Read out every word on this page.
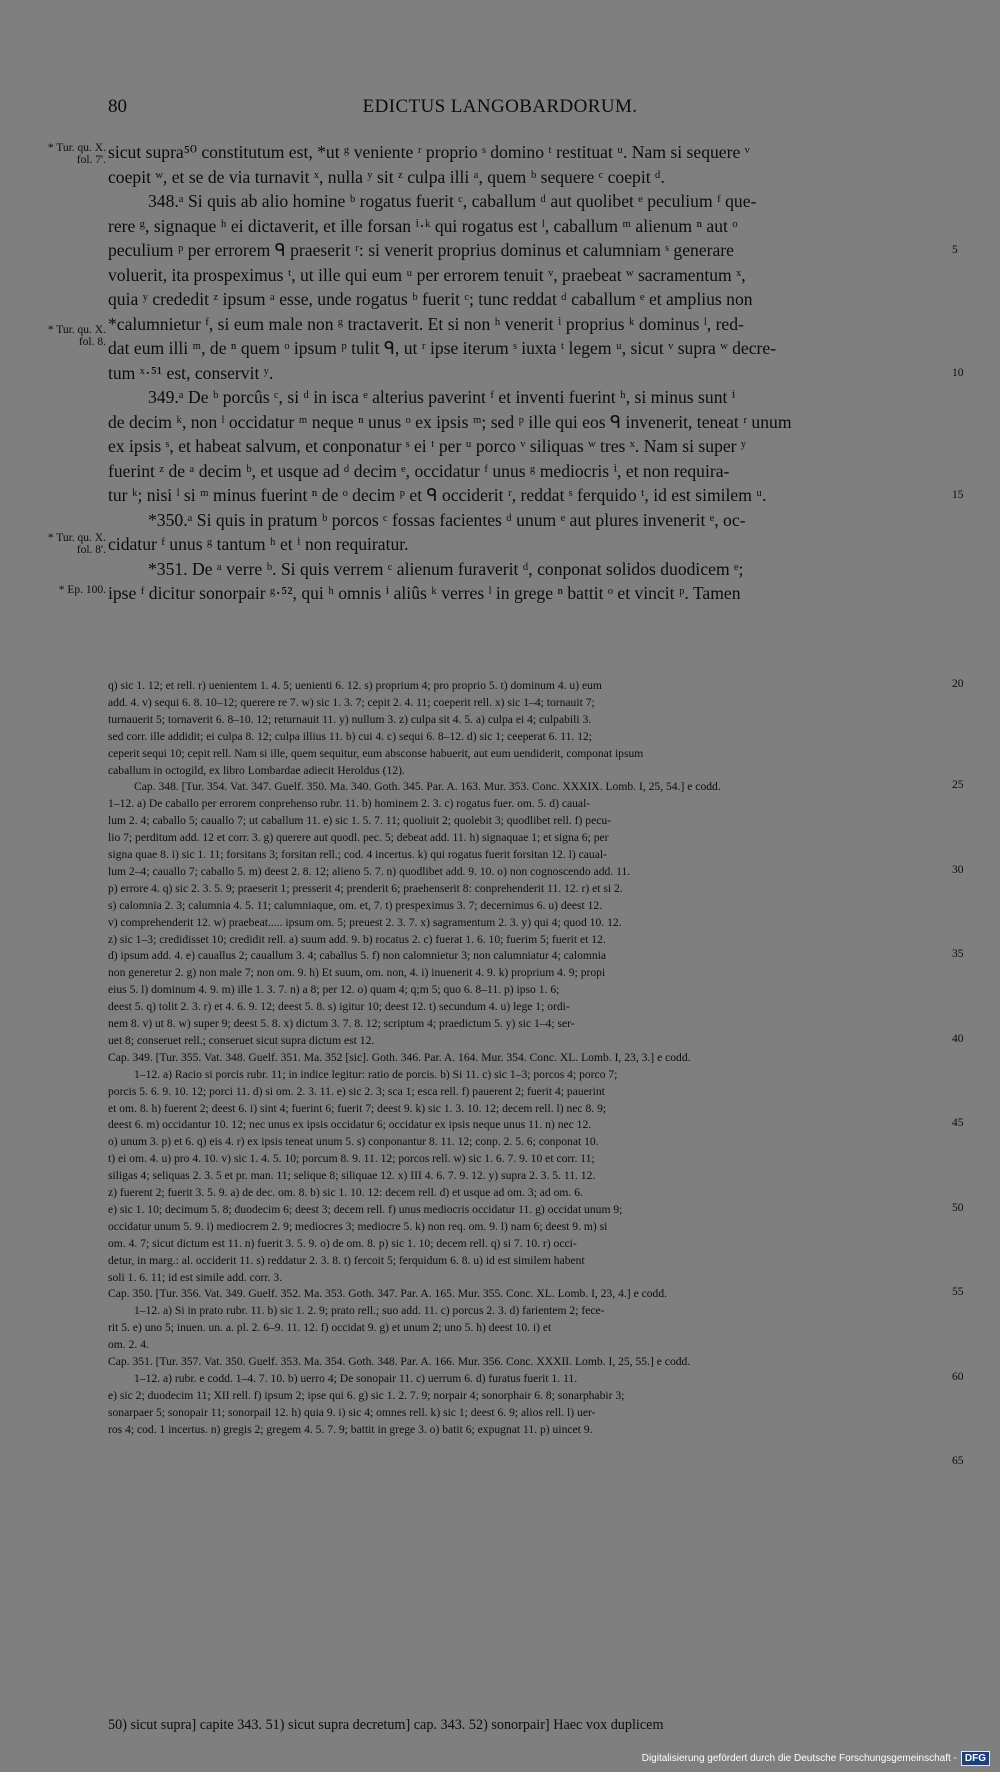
80	EDICTUS LANGOBARDORUM.
* Tur. qu. X. fol. 7'.
* Tur. qu. X. fol. 8.
* Tur. qu. X. fol. 8'.
* Ep. 100.
sicut supra⁵⁰ constitutum est, *ut ᵍ veniente ʳ proprio ˢ domino ᵗ restituat ᵘ. Nam si sequere ᵛ
coepit ʷ, et se de via turnavit ˣ, nulla ʸ sit ᶻ culpa illi ᵃ, quem ᵇ sequere ᶜ coepit ᵈ.
348.ᵃ Si quis ab alio homine ᵇ rogatus fuerit ᶜ, caballum ᵈ aut quolibet ᵉ peculium ᶠ que-
rere ᵍ, signaque ʰ ei dictaverit, et ille forsan ⁱ·ᵏ qui rogatus est ˡ, caballum ᵐ alienum ⁿ aut ᵒ
peculium ᵖ per errorem ᑫ praeserit ʳ: si venerit proprius dominus et calumniam ˢ generare
voluerit, ita prospeximus ᵗ, ut ille qui eum ᵘ per errorem tenuit ᵛ, praebeat ʷ sacramentum ˣ,
quia ʸ crededit ᶻ ipsum ᵃ esse, unde rogatus ᵇ fuerit ᶜ; tunc reddat ᵈ caballum ᵉ et amplius non
*calumnietur ᶠ, si eum male non ᵍ tractaverit. Et si non ʰ venerit ⁱ proprius ᵏ dominus ˡ, red-
dat eum illi ᵐ, de ⁿ quem ᵒ ipsum ᵖ tulit ᑫ, ut ʳ ipse iterum ˢ iuxta ᵗ legem ᵘ, sicut ᵛ supra ʷ decre-
tum ˣ·⁵¹ est, conservit ʸ.
349.ᵃ De ᵇ porcûs ᶜ, si ᵈ in isca ᵉ alterius paverint ᶠ et inventi fuerint ʰ, si minus sunt ⁱ
de decim ᵏ, non ˡ occidatur ᵐ neque ⁿ unus ᵒ ex ipsis ᵐ; sed ᵖ ille qui eos ᑫ invenerit, teneat ʳ unum
ex ipsis ˢ, et habeat salvum, et conponatur ˢ ei ᵗ per ᵘ porco ᵛ siliquas ʷ tres ˣ. Nam si super ʸ
fuerint ᶻ de ᵃ decim ᵇ, et usque ad ᵈ decim ᵉ, occidatur ᶠ unus ᵍ mediocris ⁱ, et non requira-
tur ᵏ; nisi ˡ si ᵐ minus fuerint ⁿ de ᵒ decim ᵖ et ᑫ occiderit ʳ, reddat ˢ ferquido ᵗ, id est similem ᵘ.
*350.ᵃ Si quis in pratum ᵇ porcos ᶜ fossas facientes ᵈ unum ᵉ aut plures invenerit ᵉ, oc-
cidatur ᶠ unus ᵍ tantum ʰ et ⁱ non requiratur.
*351. De ᵃ verre ᵇ. Si quis verrem ᶜ alienum furaverit ᵈ, conponat solidos duodicem ᵉ;
ipse ᶠ dicitur sonorpair ᵍ·⁵², qui ʰ omnis ⁱ aliûs ᵏ verres ˡ in grege ⁿ battit ᵒ et vincit ᵖ. Tamen
5
10
15
q) sic 1. 12; et rell. r) uenientem 1. 4. 5; uenienti 6. 12. s) proprium 4; pro proprio 5. t) dominum 4. u) eum
add. 4. v) sequi 6. 8. 10–12; querere re 7. w) sic 1. 3. 7; cepit 2. 4. 11; coeperit rell. x) sic 1–4; tornauit 7;
turnauerit 5; tornaverit 6. 8–10. 12; returnauit 11. y) nullum 3. z) culpa sit 4. 5. a) culpa ei 4; culpabili 3.
sed corr. ille addidit; ei culpa 8. 12; culpa illius 11. b) cui 4. c) sequi 6. 8–12. d) sic 1; ceeperat 6. 11. 12;
ceperit sequi 10; cepit rell. Nam si ille, quem sequitur, eum absconse habuerit, aut eum uendiderit, componat ipsum
caballum in octogild, ex libro Lombardae adiecit Heroldus (12).
Cap. 348. [Tur. 354. Vat. 347. Guelf. 350. Ma. 340. Goth. 345. Par. A. 163. Mur. 353. Conc. XXXIX. Lomb. I, 25, 54.] e codd.
1–12. a) De caballo per errorem conprehenso rubr. 11. b) hominem 2. 3. c) rogatus fuer. om. 5. d) caual-
lum 2. 4; caballo 5; cauallo 7; ut caballum 11. e) sic 1. 5. 7. 11; quoliuit 2; quolebit 3; quodlibet rell. f) pecu-
lio 7; perditum add. 12 et corr. 3. g) querere aut quodl. pec. 5; debeat add. 11. h) signaquae 1; et signa 6; per
signa quae 8. i) sic 1. 11; forsitans 3; forsitan rell.; cod. 4 incertus. k) qui rogatus fuerit forsitan 12. l) caual-
lum 2–4; cauallo 7; caballo 5. m) deest 2. 8. 12; alieno 5. 7. n) quodlibet add. 9. 10. o) non cognoscendo add. 11.
p) errore 4. q) sic 2. 3. 5. 9; praeserit 1; presserit 4; prenderit 6; praehenserit 8: conprehenderit 11. 12. r) et si 2.
s) calomnia 2. 3; calumnia 4. 5. 11; calumniaque, om. et, 7. t) prespeximus 3. 7; decernimus 6. u) deest 12.
v) comprehenderit 12. w) praebeat..... ipsum om. 5; preuest 2. 3. 7. x) sagramentum 2. 3. y) qui 4; quod 10. 12.
z) sic 1–3; credidisset 10; credidit rell. a) suum add. 9. b) rocatus 2. c) fuerat 1. 6. 10; fuerim 5; fuerit et 12.
d) ipsum add. 4. e) cauallus 2; cauallum 3. 4; caballus 5. f) non calomnietur 3; non calumniatur 4; calomnia
non generetur 2. g) non male 7; non om. 9. h) Et suum, om. non, 4. i) inuenerit 4. 9. k) proprium 4. 9; propi
eius 5. l) dominum 4. 9. m) ille 1. 3. 7. n) a 8; per 12. o) quam 4; q;m 5; quo 6. 8–11. p) ipso 1. 6;
deest 5. q) tolit 2. 3. r) et 4. 6. 9. 12; deest 5. 8. s) igitur 10; deest 12. t) secundum 4. u) lege 1; ordi-
nem 8. v) ut 8. w) super 9; deest 5. 8. x) dictum 3. 7. 8. 12; scriptum 4; praedictum 5. y) sic 1–4; ser-
uet 8; conseruet rell.; conseruet sicut supra dictum est 12.
Cap. 349. [Tur. 355. Vat. 348. Guelf. 351. Ma. 352 [sic]. Goth. 346. Par. A. 164. Mur. 354. Conc. XL. Lomb. I, 23, 3.] e codd.
1–12. a) Racio si porcis rubr. 11; in indice legitur: ratio de porcis. b) Si 11. c) sic 1–3; porcos 4; porco 7;
porcis 5. 6. 9. 10. 12; porci 11. d) si om. 2. 3. 11. e) sic 2. 3; sca 1; esca rell. f) pauerent 2; fuerit 4; pauerint
et om. 8. h) fuerent 2; deest 6. i) sint 4; fuerint 6; fuerit 7; deest 9. k) sic 1. 3. 10. 12; decem rell. l) nec 8. 9;
deest 6. m) occidantur 10. 12; nec unus ex ipsis occidatur 6; occidatur ex ipsis neque unus 11. n) nec 12.
o) unum 3. p) et 6. q) eis 4. r) ex ipsis teneat unum 5. s) conponantur 8. 11. 12; conp. 2. 5. 6; conponat 10.
t) ei om. 4. u) pro 4. 10. v) sic 1. 4. 5. 10; porcum 8. 9. 11. 12; porcos rell. w) sic 1. 6. 7. 9. 10 et corr. 11;
siligas 4; seliquas 2. 3. 5 et pr. man. 11; selique 8; siliquae 12. x) III 4. 6. 7. 9. 12. y) supra 2. 3. 5. 11. 12.
z) fuerent 2; fuerit 3. 5. 9. a) de dec. om. 8. b) sic 1. 10. 12: decem rell. d) et usque ad om. 3; ad om. 6.
e) sic 1. 10; decimum 5. 8; duodecim 6; deest 3; decem rell. f) unus mediocris occidatur 11. g) occidat unum 9;
occidatur unum 5. 9. i) mediocrem 2. 9; mediocres 3; mediocre 5. k) non req. om. 9. l) nam 6; deest 9. m) si
om. 4. 7; sicut dictum est 11. n) fuerit 3. 5. 9. o) de om. 8. p) sic 1. 10; decem rell. q) si 7. 10. r) occi-
detur, in marg.: al. occiderit 11. s) reddatur 2. 3. 8. t) fercoit 5; ferquidum 6. 8. u) id est similem habent
soli 1. 6. 11; id est simile add. corr. 3.
Cap. 350. [Tur. 356. Vat. 349. Guelf. 352. Ma. 353. Goth. 347. Par. A. 165. Mur. 355. Conc. XL. Lomb. I, 23, 4.] e codd.
1–12. a) Si in prato rubr. 11. b) sic 1. 2. 9; prato rell.; suo add. 11. c) porcus 2. 3. d) farientem 2; fece-
rit 5. e) uno 5; inuen. un. a. pl. 2. 6–9. 11. 12. f) occidat 9. g) et unum 2; uno 5. h) deest 10. i) et
om. 2. 4.
Cap. 351. [Tur. 357. Vat. 350. Guelf. 353. Ma. 354. Goth. 348. Par. A. 166. Mur. 356. Conc. XXXII. Lomb. I, 25, 55.] e codd.
1–12. a) rubr. e codd. 1–4. 7. 10. b) uerro 4; De sonopair 11. c) uerrum 6. d) furatus fuerit 1. 11.
e) sic 2; duodecim 11; XII rell. f) ipsum 2; ipse qui 6. g) sic 1. 2. 7. 9; norpair 4; sonorphair 6. 8; sonarphabir 3;
sonarpaer 5; sonopair 11; sonorpail 12. h) quia 9. i) sic 4; omnes rell. k) sic 1; deest 6. 9; alios rell. l) uer-
ros 4; cod. 1 incertus. n) gregis 2; gregem 4. 5. 7. 9; battit in grege 3. o) batit 6; expugnat 11. p) uincet 9.
20
25
30
35
40
45
50
55
60
65
50) sicut supra] capite 343. 51) sicut supra decretum] cap. 343. 52) sonorpair] Haec vox duplicem
Digitalisierung gefördert durch die Deutsche Forschungsgemeinschaft - DFG
